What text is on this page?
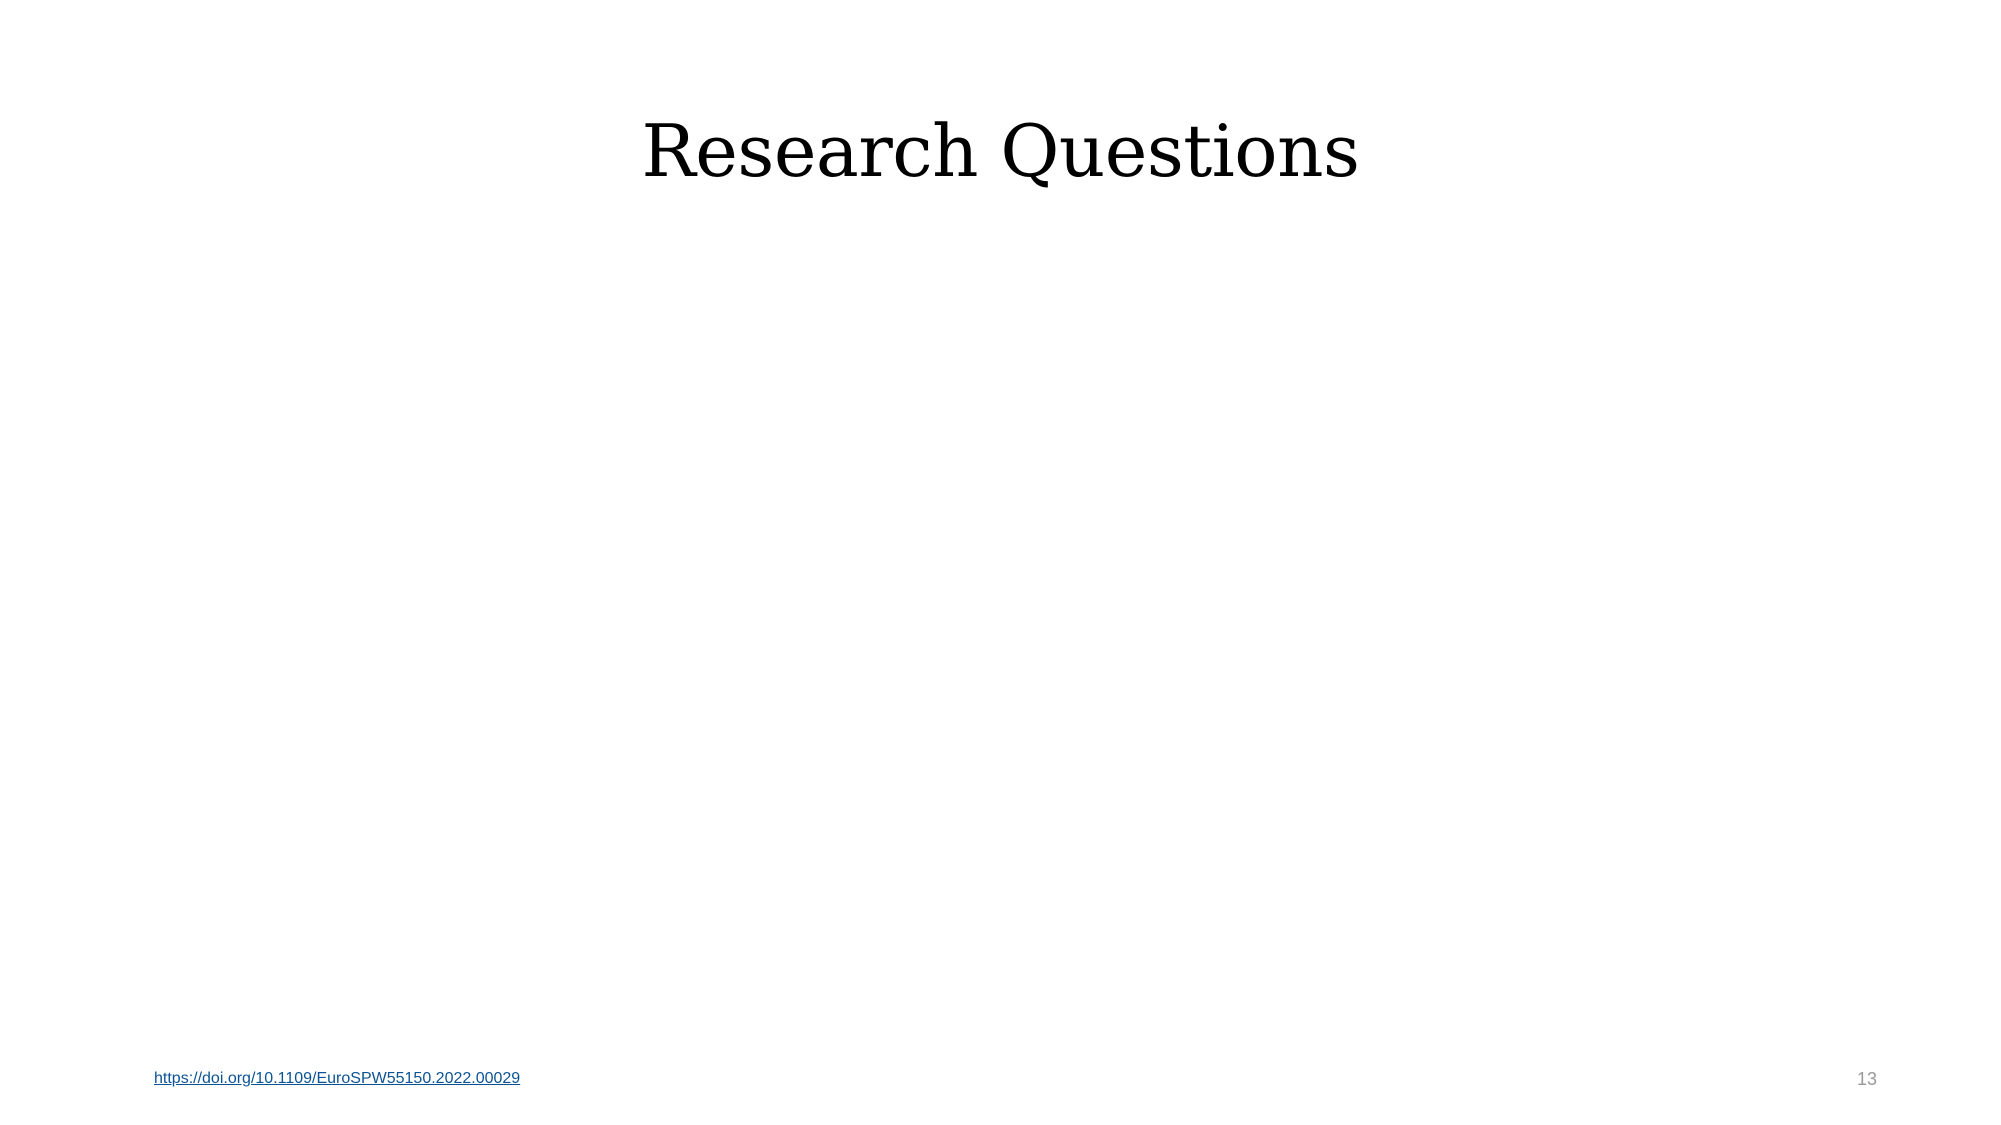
Research Questions
https://doi.org/10.1109/EuroSPW55150.2022.00029	13
